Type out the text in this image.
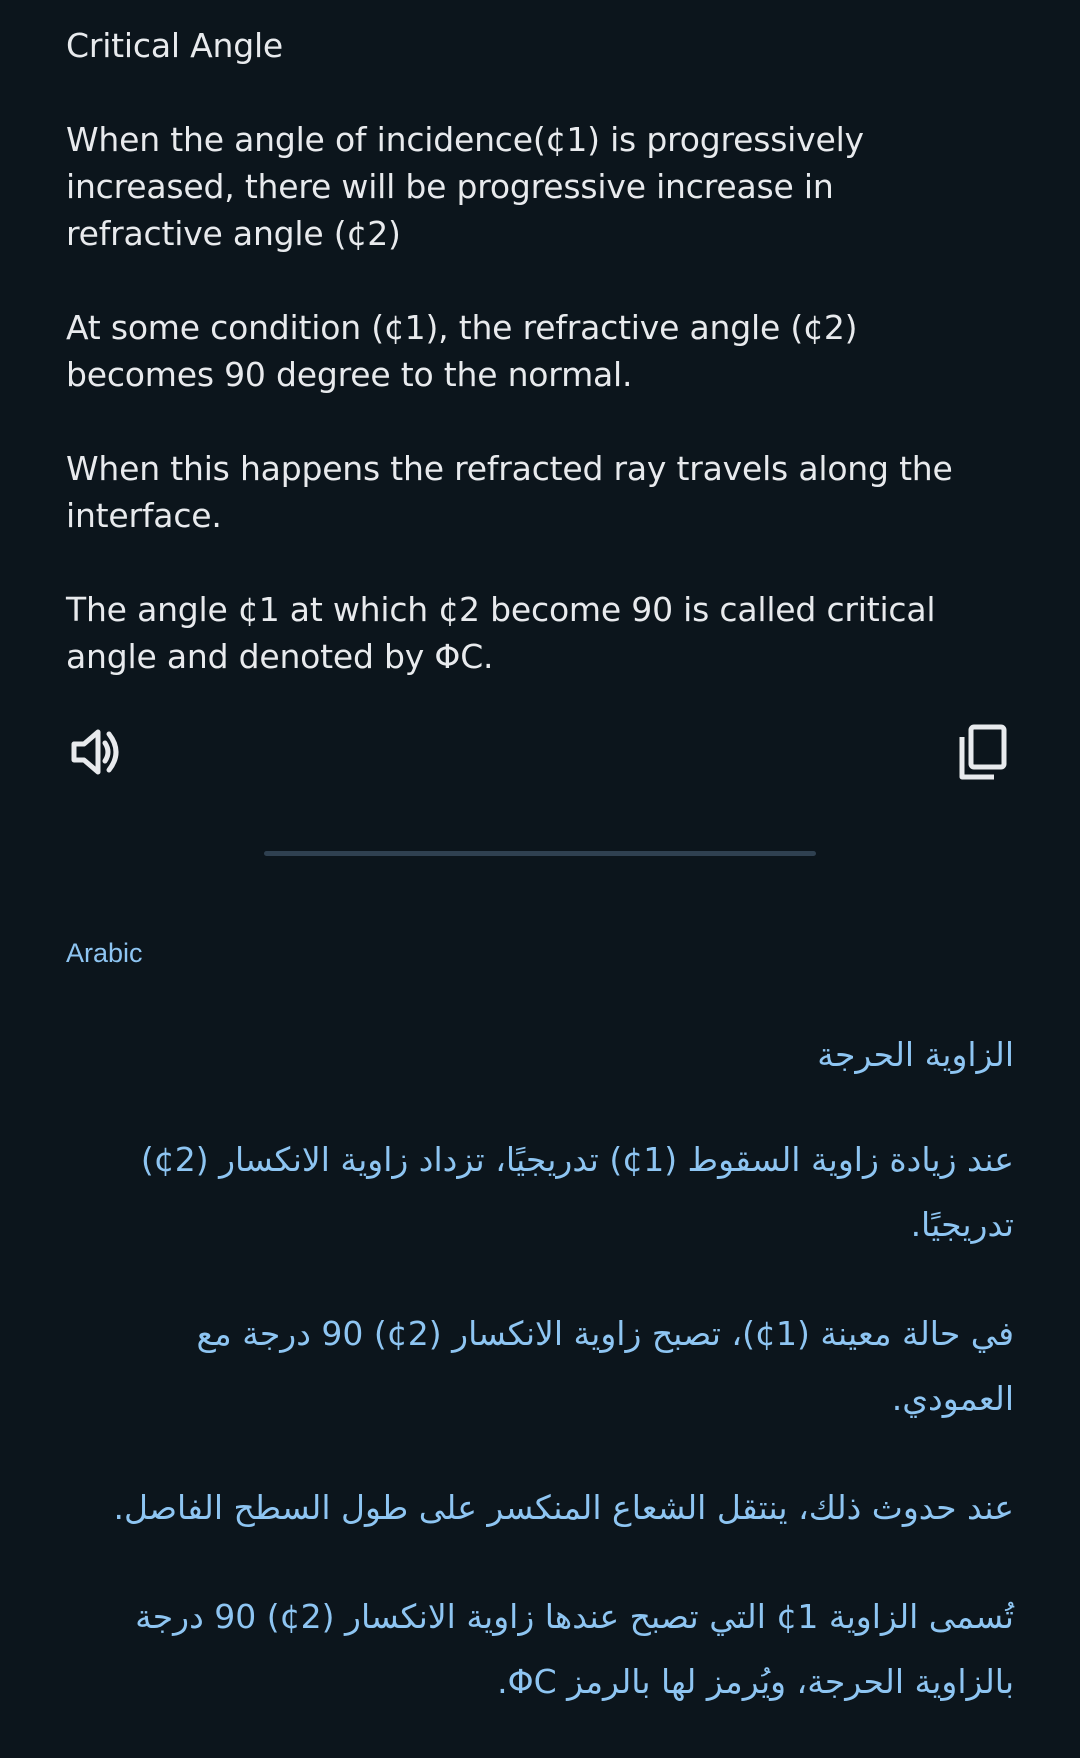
Critical Angle

When the angle of incidence(¢1) is progressively increased, there will be progressive increase in refractive angle (¢2)

At some condition (¢1), the refractive angle (¢2) becomes 90 degree to the normal.

When this happens the refracted ray travels along the interface.

The angle ¢1 at which ¢2 become 90 is called critical angle and denoted by ΦC.

Arabic

الزاوية الحرجة

عند زيادة زاوية السقوط (1¢) تدريجيًا، تزداد زاوية الانكسار (2¢) تدريجيًا.

في حالة معينة (1¢)، تصبح زاوية الانكسار (2¢) 90 درجة مع العمودي.

عند حدوث ذلك، ينتقل الشعاع المنكسر على طول السطح الفاصل.

تُسمى الزاوية 1¢ التي تصبح عندها زاوية الانكسار (2¢) 90 درجة بالزاوية الحرجة، ويُرمز لها بالرمز ΦC.
